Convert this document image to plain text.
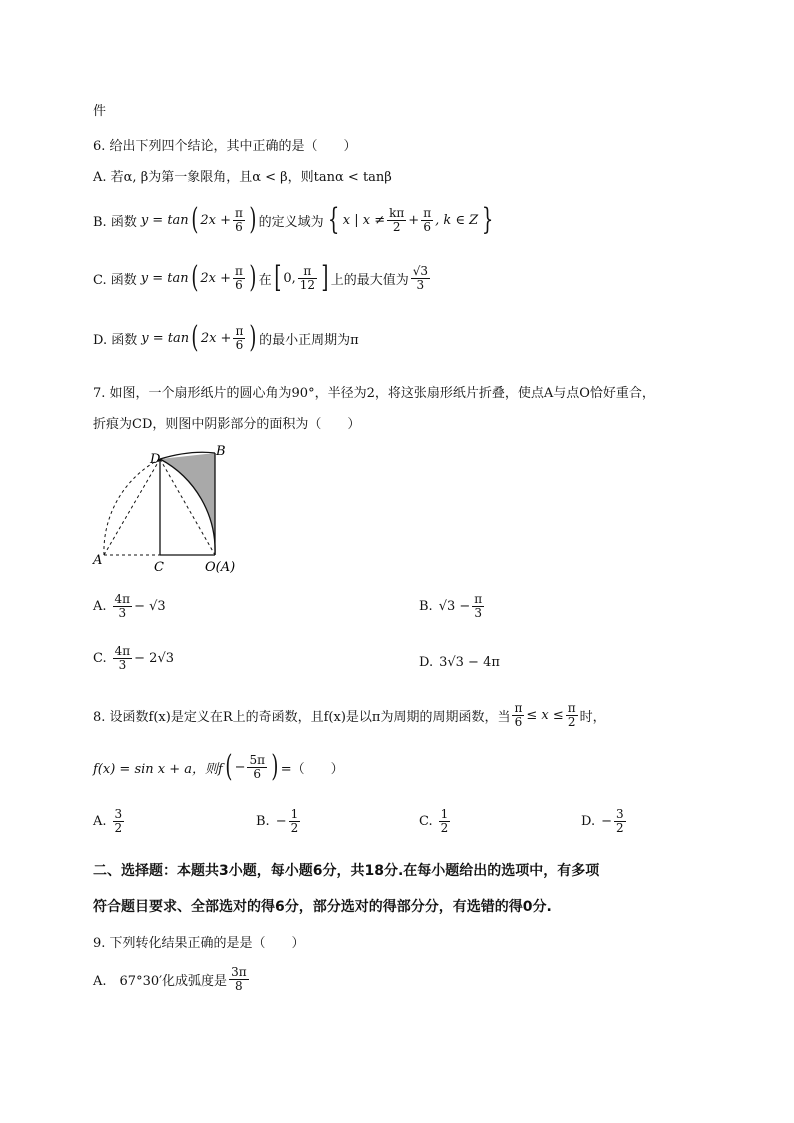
件
6. 给出下列四个结论，其中正确的是（　　）
A. 若α, β为第一象限角，且α < β，则tanα < tanβ
B. 函数 y = tan ( $2x + \frac{\pi}{6}$ ) 的定义域为 { x | $x \ne \frac{k\pi}{2} + \frac{\pi}{6}$ , k ∈ Z }
C. 函数 y = tan ( $2x + \frac{\pi}{6}$ ) 在 [ 0, $\frac{\pi}{12}$ ] 上的最大值为 $\frac{√3}{3}$
D. 函数 y = tan ( $2x + \frac{\pi}{6}$ ) 的最小正周期为π
7. 如图，一个扇形纸片的圆心角为90°，半径为2，将这张扇形纸片折叠，使点A与点O恰好重合，
折痕为CD，则图中阴影部分的面积为（　　）
B
D
A	C	O(A)
A. $\frac{4\pi}{3} - √3$	B. $√3 - \frac{\pi}{3}$
C. $\frac{4\pi}{3} - 2√3$	D. 3√3 − 4π
8. 设函数f(x)是定义在R上的奇函数，且f(x)是以π为周期的周期函数，当 $\frac{\pi}{6} \le x \le \frac{\pi}{2}$ 时，
f(x) = sin x + a，则f ( − $\frac{5\pi}{6}$ ) =（　　）
A. $\frac{3}{2}$	B. − $\frac{1}{2}$	C. $\frac{1}{2}$	D. − $\frac{3}{2}$
二、选择题：本题共3小题，每小题6分，共18分.在每小题给出的选项中，有多项
符合题目要求、全部选对的得6分，部分选对的得部分分，有选错的得0分.
9. 下列转化结果正确的是是（　　）
A.　67°30′化成弧度是 $\frac{3\pi}{8}$
